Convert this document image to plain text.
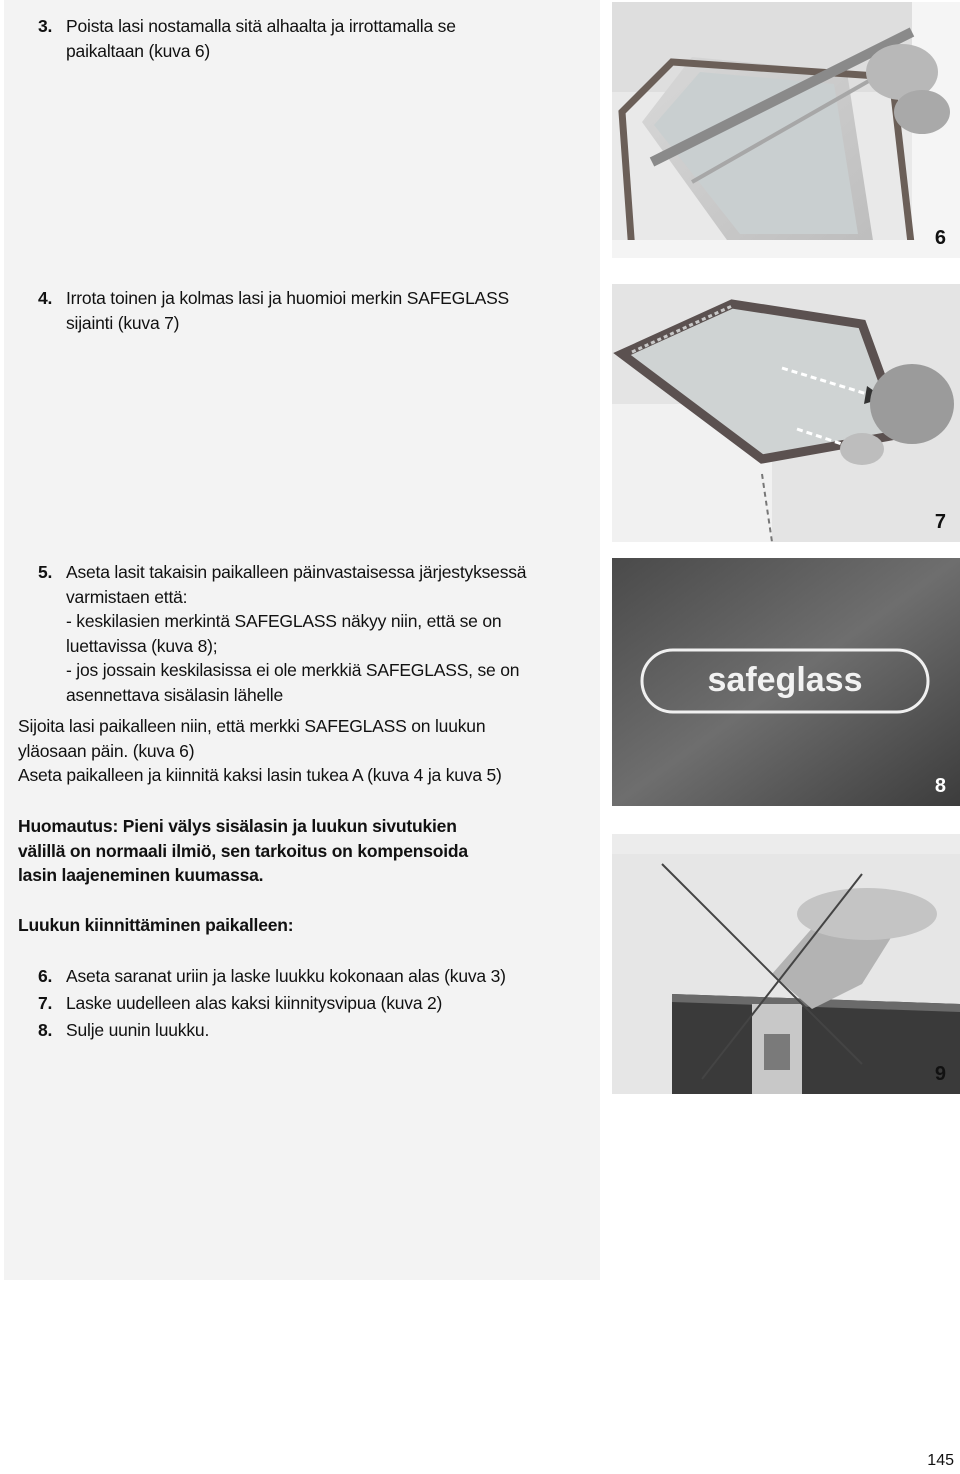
3. Poista lasi nostamalla sitä alhaalta ja irrottamalla se
paikaltaan (kuva 6)
4. Irrota toinen ja kolmas lasi ja huomioi merkin SAFEGLASS
sijainti (kuva 7)
5. Aseta lasit takaisin paikalleen päinvastaisessa järjestyksessä
varmistaen että:
- keskilasien merkintä SAFEGLASS näkyy niin, että se on
luettavissa (kuva 8);
- jos jossain keskilasissa ei ole merkkiä SAFEGLASS, se on
asennettava sisälasin lähelle
Sijoita lasi paikalleen niin, että merkki SAFEGLASS on luukun
yläosaan päin. (kuva 6)
Aseta paikalleen ja kiinnitä kaksi lasin tukea A (kuva 4 ja kuva 5)
Huomautus: Pieni välys sisälasin ja luukun sivutukien
välillä on normaali ilmiö, sen tarkoitus on kompensoida
lasin laajeneminen kuumassa.
Luukun kiinnittäminen paikalleen:
6. Aseta saranat uriin ja laske luukku kokonaan alas (kuva 3)
7. Laske uudelleen alas kaksi kiinnitysvipua (kuva 2)
8. Sulje uunin luukku.
6
7
safeglass
8
9
145
